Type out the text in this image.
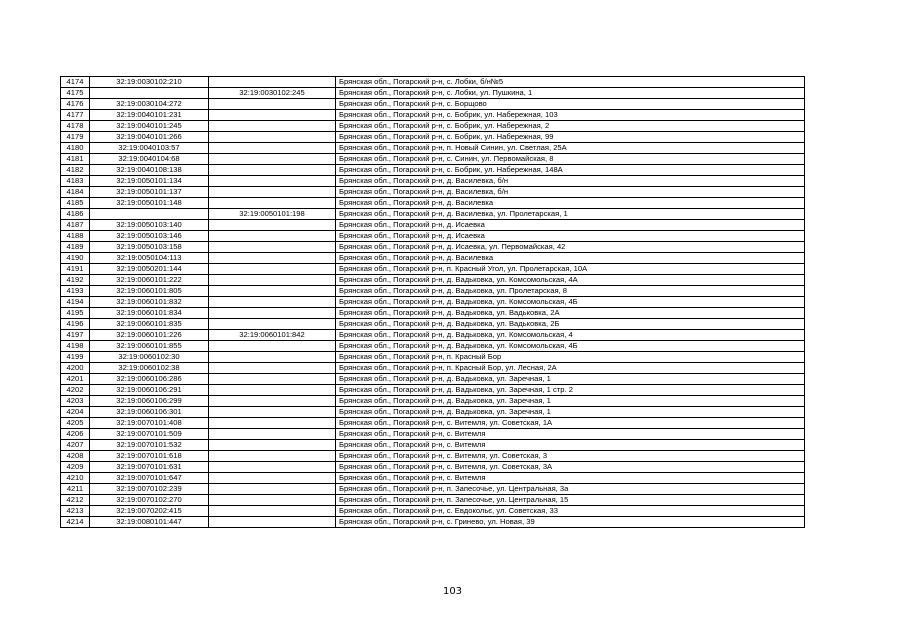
4174	32:19:0030102:210		Брянская обл., Погарский р-н, с. Лобки, б/н№5
4175		32:19:0030102:245	Брянская обл., Погарский р-н, с. Лобки, ул. Пушкина, 1
4176	32:19:0030104:272		Брянская обл., Погарский р-н, с. Борщово
4177	32:19:0040101:231		Брянская обл., Погарский р-н, с. Бобрик, ул. Набережная, 103
4178	32:19:0040101:245		Брянская обл., Погарский р-н, с. Бобрик, ул. Набережная, 2
4179	32:19:0040101:266		Брянская обл., Погарский р-н, с. Бобрик, ул. Набережная, 99
4180	32:19:0040103:57		Брянская обл., Погарский р-н, п. Новый Синин, ул. Светлая, 25А
4181	32:19:0040104:68		Брянская обл., Погарский р-н, с. Синин, ул. Первомайская, 8
4182	32:19:0040108:138		Брянская обл., Погарский р-н, с. Бобрик, ул. Набережная, 148А
4183	32:19:0050101:134		Брянская обл., Погарский р-н, д. Василевка, б/н
4184	32:19:0050101:137		Брянская обл., Погарский р-н, д. Василевка, б/н
4185	32:19:0050101:148		Брянская обл., Погарский р-н, д. Василевка
4186		32:19:0050101:198	Брянская обл., Погарский р-н, д. Василевка, ул. Пролетарская, 1
4187	32:19:0050103:140		Брянская обл., Погарский р-н, д. Исаевка
4188	32:19:0050103:146		Брянская обл., Погарский р-н, д. Исаевка
4189	32:19:0050103:158		Брянская обл., Погарский р-н, д. Исаевка, ул. Первомайская, 42
4190	32:19:0050104:113		Брянская обл., Погарский р-н, д. Василевка
4191	32:19:0050201:144		Брянская обл., Погарский р-н, п. Красный Угол, ул. Пролетарская, 10А
4192	32:19:0060101:222		Брянская обл., Погарский р-н, д. Вадьковка, ул. Комсомольская, 4А
4193	32:19:0060101:805		Брянская обл., Погарский р-н, д. Вадьковка, ул. Пролетарская, 8
4194	32:19:0060101:832		Брянская обл., Погарский р-н, д. Вадьковка, ул. Комсомольская, 4Б
4195	32:19:0060101:834		Брянская обл., Погарский р-н, д. Вадьковка, ул. Вадьковка, 2А
4196	32:19:0060101:835		Брянская обл., Погарский р-н, д. Вадьковка, ул. Вадьковка, 2Б
4197	32:19:0060101:226	32:19:0060101:842	Брянская обл., Погарский р-н, д. Вадьковка, ул. Комсомольская, 4
4198	32:19:0060101:855		Брянская обл., Погарский р-н, д. Вадьковка, ул. Комсомольская, 4Б
4199	32:19:0060102:30		Брянская обл., Погарский р-н, п. Красный Бор
4200	32:19:0060102:38		Брянская обл., Погарский р-н, п. Красный Бор, ул. Лесная, 2А
4201	32:19:0060106:286		Брянская обл., Погарский р-н, д. Вадьковка, ул. Заречная, 1
4202	32:19:0060106:291		Брянская обл., Погарский р-н, д. Вадьковка, ул. Заречная, 1 стр. 2
4203	32:19:0060106:299		Брянская обл., Погарский р-н, д. Вадьковка, ул. Заречная, 1
4204	32:19:0060106:301		Брянская обл., Погарский р-н, д. Вадьковка, ул. Заречная, 1
4205	32:19:0070101:408		Брянская обл., Погарский р-н, с. Витемля, ул. Советская, 1А
4206	32:19:0070101:509		Брянская обл., Погарский р-н, с. Витемля
4207	32:19:0070101:532		Брянская обл., Погарский р-н, с. Витемля
4208	32:19:0070101:618		Брянская обл., Погарский р-н, с. Витемля, ул. Советская, 3
4209	32:19:0070101:631		Брянская обл., Погарский р-н, с. Витемля, ул. Советская, 3А
4210	32:19:0070101:647		Брянская обл., Погарский р-н, с. Витемля
4211	32:19:0070102:239		Брянская обл., Погарский р-н, п. Запесочье, ул. Центральная, 3а
4212	32:19:0070102:270		Брянская обл., Погарский р-н, п. Запесочье, ул. Центральная, 15
4213	32:19:0070202:415		Брянская обл., Погарский р-н, с. Евдокольє, ул. Советская, 33
4214	32:19:0080101:447		Брянская обл., Погарский р-н, с. Гринево, ул. Новая, 39
103
